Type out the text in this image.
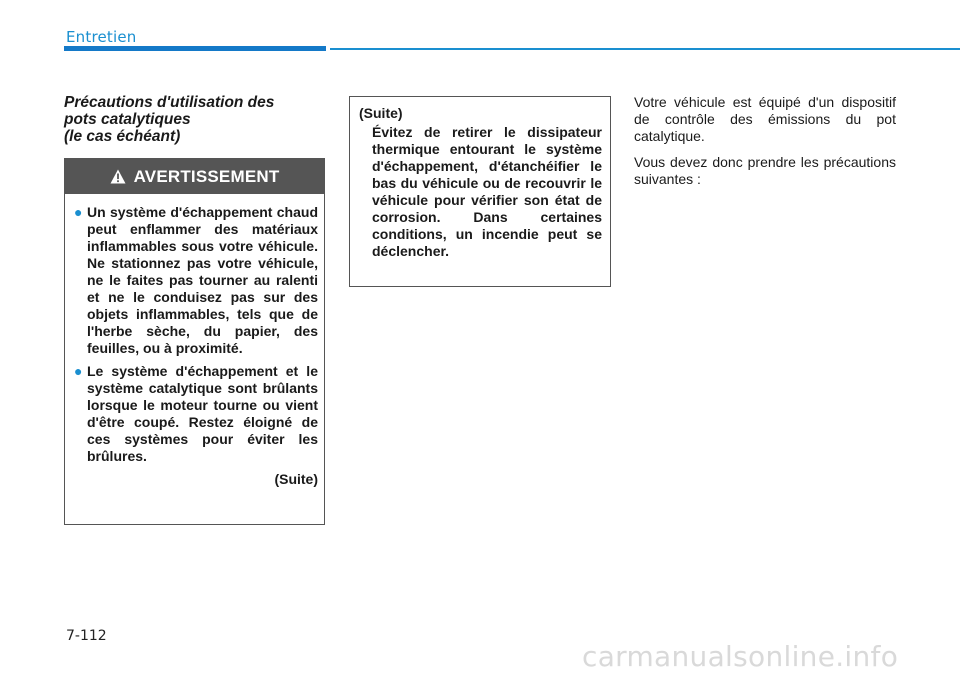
Entretien
Précautions d'utilisation des
pots catalytiques
(le cas échéant)
AVERTISSEMENT
● Un système d'échappement chaud peut enflammer des matériaux inflammables sous votre véhicule. Ne stationnez pas votre véhicule, ne le faites pas tourner au ralenti et ne le conduisez pas sur des objets inflammables, tels que de l'herbe sèche, du papier, des feuilles, ou à proximité.
● Le système d'échappement et le système catalytique sont brûlants lorsque le moteur tourne ou vient d'être coupé. Restez éloigné de ces systèmes pour éviter les brûlures.
(Suite)
(Suite)
Évitez de retirer le dissipateur thermique entourant le système d'échappement, d'étanchéifier le bas du véhicule ou de recouvrir le véhicule pour vérifier son état de corrosion. Dans certaines conditions, un incendie peut se déclencher.

Votre véhicule est équipé d'un dispositif de contrôle des émissions du pot catalytique.

Vous devez donc prendre les précautions suivantes :

7-112
carmanualsonline.info
